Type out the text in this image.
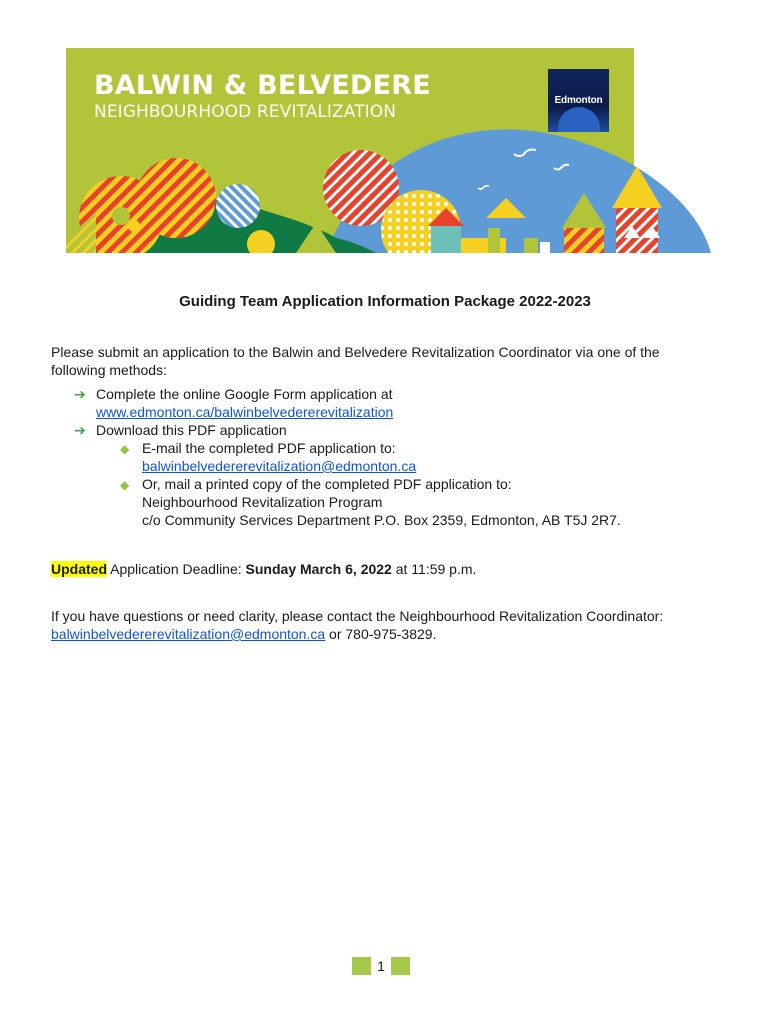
BALWIN & BELVEDERE
NEIGHBOURHOOD REVITALIZATION
Edmonton
Guiding Team Application Information Package 2022-2023
Please submit an application to the Balwin and Belvedere Revitalization Coordinator via one of the
following methods:
➔ Complete the online Google Form application at
www.edmonton.ca/balwinbelvedererevitalization
➔ Download this PDF application
◆ E-mail the completed PDF application to:
balwinbelvedererevitalization@edmonton.ca
◆ Or, mail a printed copy of the completed PDF application to:
Neighbourhood Revitalization Program
c/o Community Services Department P.O. Box 2359, Edmonton, AB T5J 2R7.
Updated Application Deadline: Sunday March 6, 2022 at 11:59 p.m.
If you have questions or need clarity, please contact the Neighbourhood Revitalization Coordinator:
balwinbelvedererevitalization@edmonton.ca or 780-975-3829.
1
